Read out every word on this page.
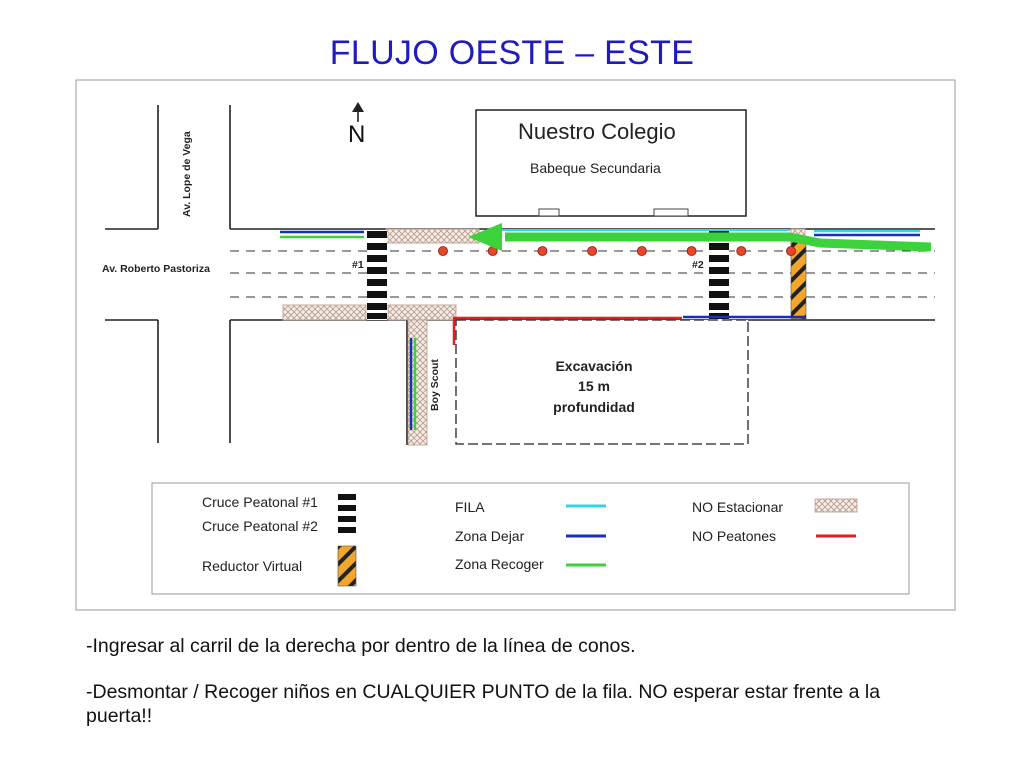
FLUJO OESTE – ESTE
Nuestro Colegio
Babeque Secundaria
N
Av. Lope de Vega
Av. Roberto Pastoriza
Boy Scout
#1	#2
Excavación
15 m
profundidad
Cruce Peatonal #1
Cruce Peatonal #2
Reductor Virtual
FILA
Zona Dejar
Zona Recoger
NO Estacionar
NO Peatones
-Ingresar al carril de la derecha por dentro de la línea de conos.
-Desmontar / Recoger niños en CUALQUIER PUNTO de la fila. NO esperar estar frente a la puerta!!
